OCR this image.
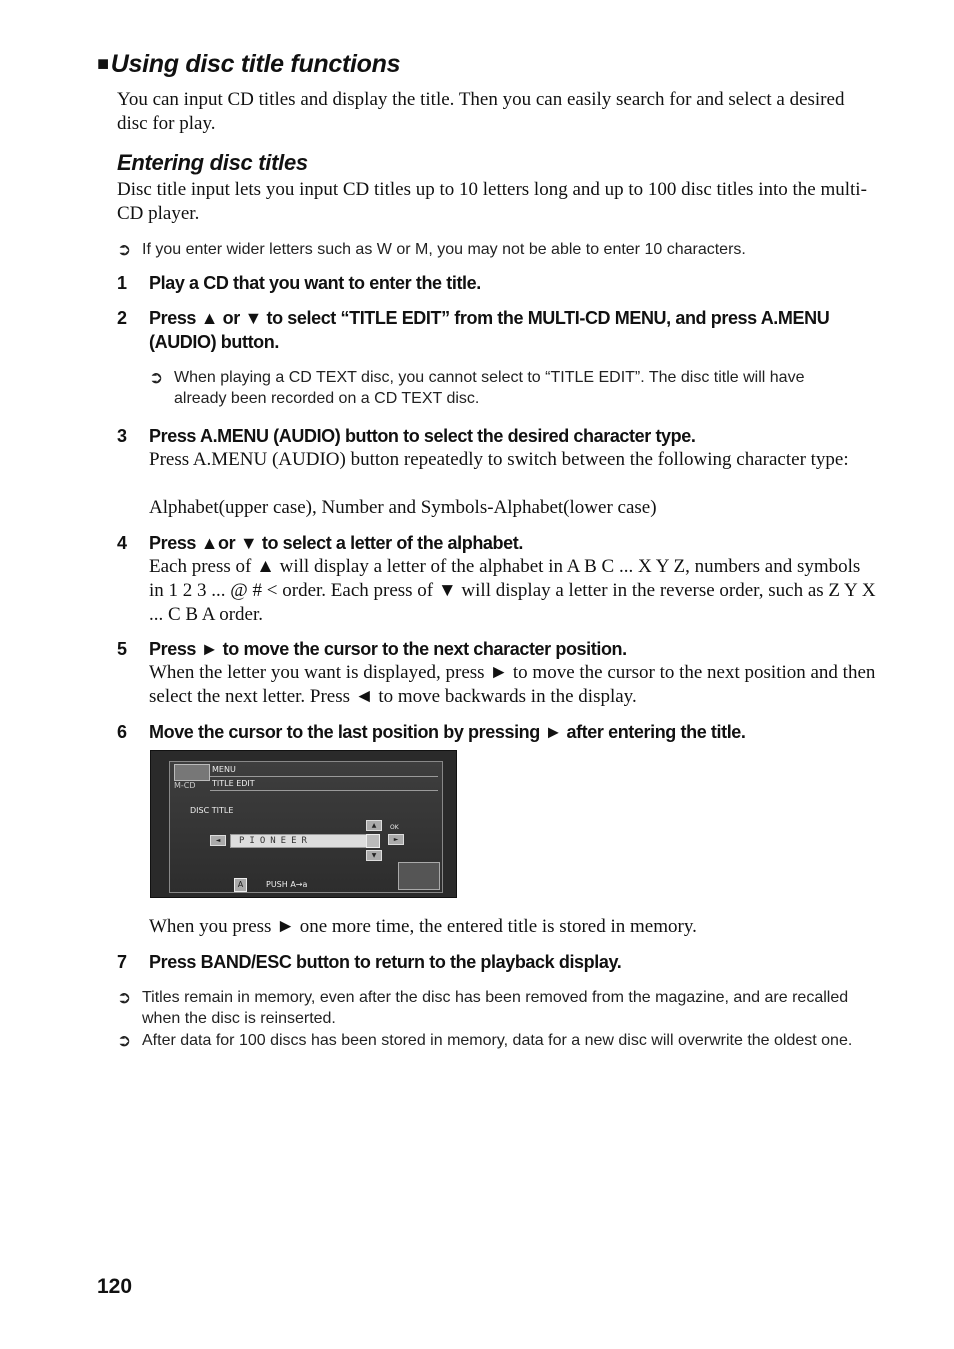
■Using disc title functions
You can input CD titles and display the title. Then you can easily search for and select a desired disc for play.
Entering disc titles
Disc title input lets you input CD titles up to 10 letters long and up to 100 disc titles into the multi-CD player.
➲ If you enter wider letters such as W or M, you may not be able to enter 10 characters.
1 Play a CD that you want to enter the title.
2 Press ▲ or ▼ to select “TITLE EDIT” from the MULTI-CD MENU, and press A.MENU (AUDIO) button.
➲ When playing a CD TEXT disc, you cannot select to “TITLE EDIT”. The disc title will have already been recorded on a CD TEXT disc.
3 Press A.MENU (AUDIO) button to select the desired character type.
Press A.MENU (AUDIO) button repeatedly to switch between the following character type:
Alphabet(upper case), Number and Symbols-Alphabet(lower case)
4 Press ▲or ▼ to select a letter of the alphabet.
Each press of ▲ will display a letter of the alphabet in A B C ... X Y Z, numbers and symbols in 1 2 3 ... @ # < order. Each press of ▼ will display a letter in the reverse order, such as Z Y X ... C B A order.
5 Press ► to move the cursor to the next character position.
When the letter you want is displayed, press ► to move the cursor to the next position and then select the next letter. Press ◄ to move backwards in the display.
6 Move the cursor to the last position by pressing ► after entering the title.
MENU
M-CD TITLE EDIT
DISC TITLE
◄	PIONEER
▲
▼
OK
►
A	PUSH A→a
When you press ► one more time, the entered title is stored in memory.
7 Press BAND/ESC button to return to the playback display.
➲ Titles remain in memory, even after the disc has been removed from the magazine, and are recalled when the disc is reinserted.
➲ After data for 100 discs has been stored in memory, data for a new disc will overwrite the oldest one.
120
